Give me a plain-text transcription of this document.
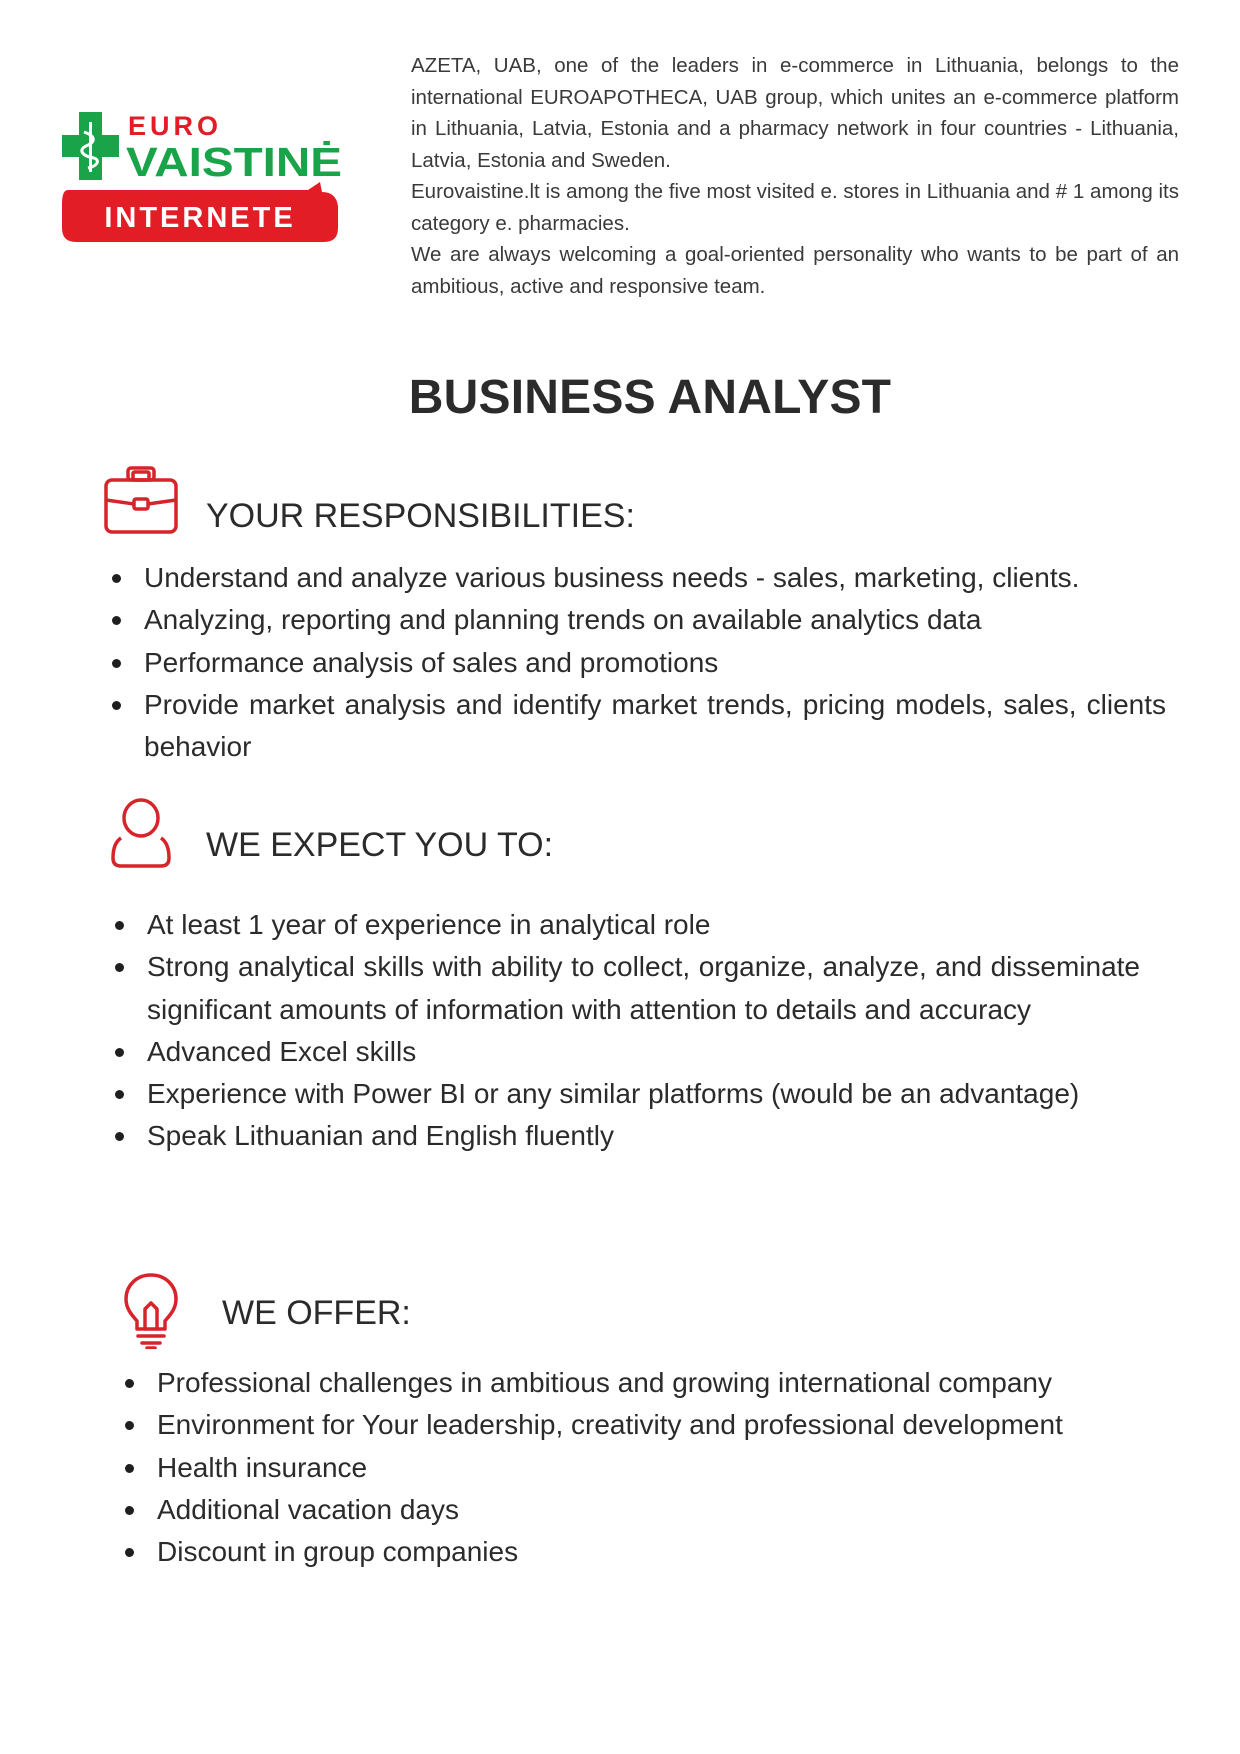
EURO
VAISTINĖ
INTERNETE

AZETA, UAB, one of the leaders in e-commerce in Lithuania, belongs to the international EUROAPOTHECA, UAB group, which unites an e-commerce platform in Lithuania, Latvia, Estonia and a pharmacy network in four countries - Lithuania, Latvia, Estonia and Sweden.

Eurovaistine.lt is among the five most visited e. stores in Lithuania and # 1 among its category e. pharmacies.

We are always welcoming a goal-oriented personality who wants to be part of an ambitious, active and responsive team.

BUSINESS ANALYST
YOUR RESPONSIBILITIES:
Understand and analyze various business needs - sales, marketing, clients.
Analyzing, reporting and planning trends on available analytics data
Performance analysis of sales and promotions
Provide market analysis and identify market trends, pricing models, sales, clients behavior
WE EXPECT YOU TO:
At least 1 year of experience in analytical role
Strong analytical skills with ability to collect, organize, analyze, and disseminate significant amounts of information with attention to details and accuracy
Advanced Excel skills
Experience with Power BI or any similar platforms (would be an advantage)
Speak Lithuanian and English fluently
WE OFFER:
Professional challenges in ambitious and growing international company
Environment for Your leadership, creativity and professional development
Health insurance
Additional vacation days
Discount in group companies
